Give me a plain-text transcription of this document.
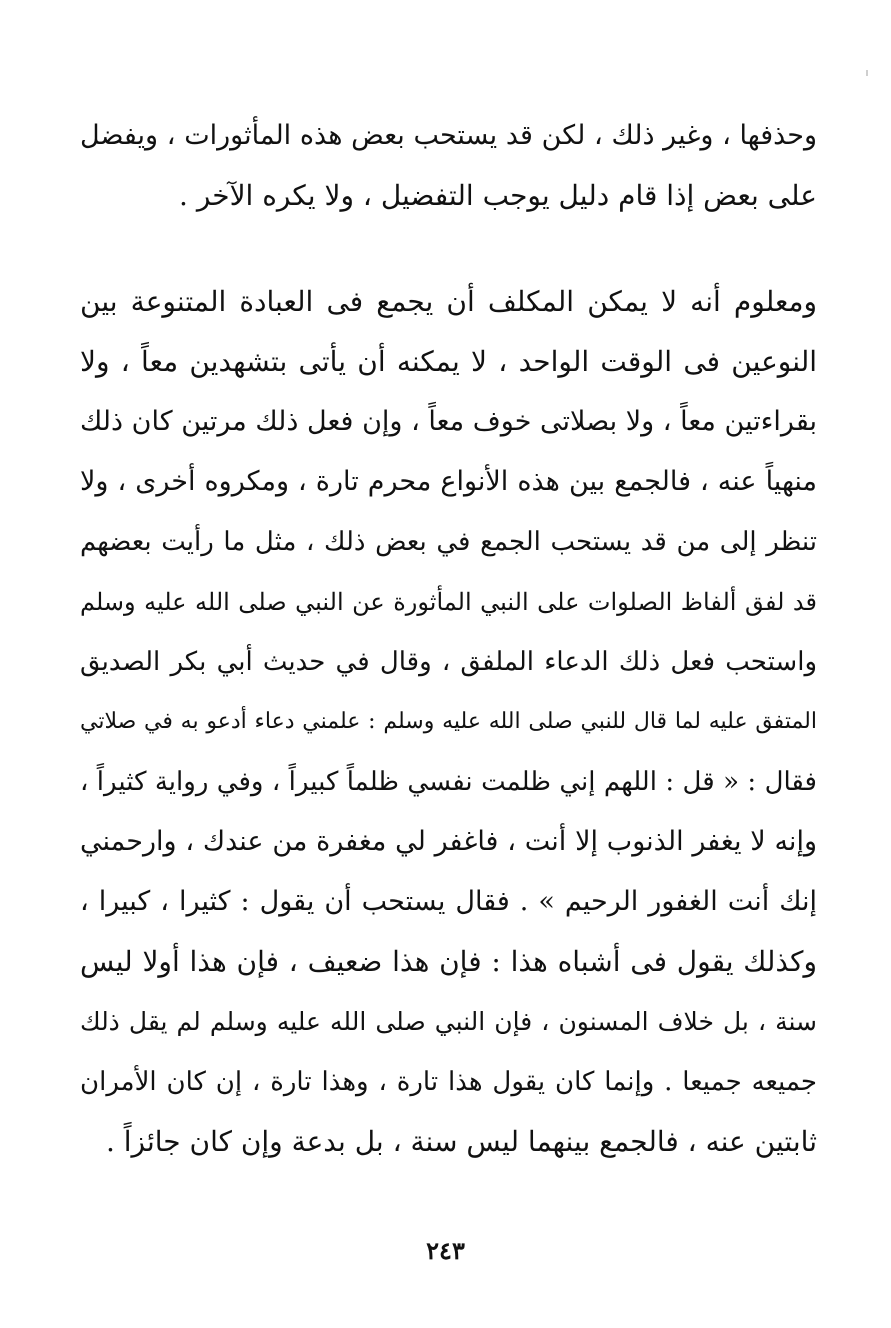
وحذفها ، وغير ذلك ، لكن قد يستحب بعض هذه المأثورات ، ويفضل
على بعض إذا قام دليل يوجب التفضيل ، ولا يكره الآخر .
ومعلوم أنه لا يمكن المكلف أن يجمع فى العبادة المتنوعة بين
النوعين فى الوقت الواحد ، لا يمكنه أن يأتى بتشهدين معاً ، ولا
بقراءتين معاً ، ولا بصلاتى خوف معاً ، وإن فعل ذلك مرتين كان ذلك
منهياً عنه ، فالجمع بين هذه الأنواع محرم تارة ، ومكروه أخرى ، ولا
تنظر إلى من قد يستحب الجمع في بعض ذلك ، مثل ما رأيت بعضهم
قد لفق ألفاظ الصلوات على النبي المأثورة عن النبي صلى الله عليه وسلم
واستحب فعل ذلك الدعاء الملفق ، وقال في حديث أبي بكر الصديق
المتفق عليه لما قال للنبي صلى الله عليه وسلم : علمني دعاء أدعو به في صلاتي
فقال : « قل : اللهم إني ظلمت نفسي ظلماً كبيراً ، وفي رواية كثيراً ،
وإنه لا يغفر الذنوب إلا أنت ، فاغفر لي مغفرة من عندك ، وارحمني
إنك أنت الغفور الرحيم » . فقال يستحب أن يقول : كثيرا ، كبيرا ،
وكذلك يقول فى أشباه هذا : فإن هذا ضعيف ، فإن هذا أولا ليس
سنة ، بل خلاف المسنون ، فإن النبي صلى الله عليه وسلم لم يقل ذلك
جميعه جميعا . وإنما كان يقول هذا تارة ، وهذا تارة ، إن كان الأمران
ثابتين عنه ، فالجمع بينهما ليس سنة ، بل بدعة وإن كان جائزاً .
٢٤٣
